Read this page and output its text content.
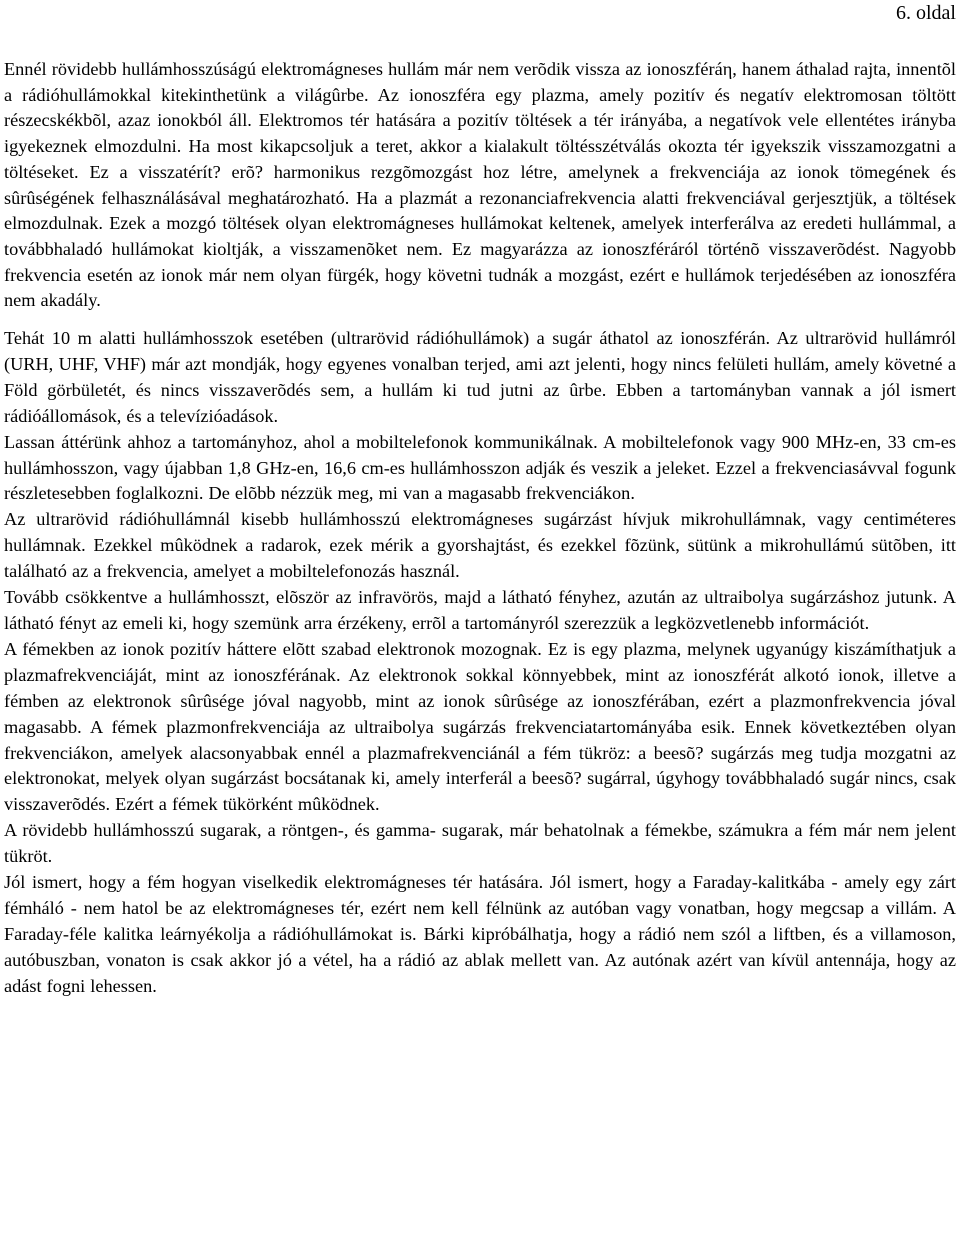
6. oldal

Ennél rövidebb hullámhosszúságú elektromágneses hullám már nem verõdik vissza az ionoszféráη, hanem áthalad rajta, innentõl a rádióhullámokkal kitekinthetünk a világûrbe. Az ionoszféra egy plazma, amely pozitív és negatív elektromosan töltött részecskékbõl, azaz ionokból áll. Elektromos tér hatására a pozitív töltések a tér irányába, a negatívok vele ellentétes irányba igyekeznek elmozdulni. Ha most kikapcsoljuk a teret, akkor a kialakult töltésszétválás okozta tér igyekszik visszamozgatni a töltéseket. Ez a visszatérít? erõ? harmonikus rezgõmozgást hoz létre, amelynek a frekvenciája az ionok tömegének és sûrûségének felhasználásával meghatározható. Ha a plazmát a rezonanciafrekvencia alatti frekvenciával gerjesztjük, a töltések elmozdulnak. Ezek a mozgó töltések olyan elektromágneses hullámokat keltenek, amelyek interferálva az eredeti hullámmal, a továbbhaladó hullámokat kioltják, a visszamenõket nem. Ez magyarázza az ionoszféráról történõ visszaverõdést. Nagyobb frekvencia esetén az ionok már nem olyan fürgék, hogy követni tudnák a mozgást, ezért e hullámok terjedésében az ionoszféra nem akadály.

Tehát 10 m alatti hullámhosszok esetében (ultrarövid rádióhullámok) a sugár áthatol az ionoszférán. Az ultrarövid hullámról (URH, UHF, VHF) már azt mondják, hogy egyenes vonalban terjed, ami azt jelenti, hogy nincs felületi hullám, amely követné a Föld görbületét, és nincs visszaverõdés sem, a hullám ki tud jutni az ûrbe. Ebben a tartományban vannak a jól ismert rádióállomások, és a televízióadások.

Lassan áttérünk ahhoz a tartományhoz, ahol a mobiltelefonok kommunikálnak. A mobiltelefonok vagy 900 MHz-en, 33 cm-es hullámhosszon, vagy újabban 1,8 GHz-en, 16,6 cm-es hullámhosszon adják és veszik a jeleket. Ezzel a frekvenciasávval fogunk részletesebben foglalkozni. De elõbb nézzük meg, mi van a magasabb frekvenciákon.

Az ultrarövid rádióhullámnál kisebb hullámhosszú elektromágneses sugárzást hívjuk mikrohullámnak, vagy centiméteres hullámnak. Ezekkel mûködnek a radarok, ezek mérik a gyorshajtást, és ezekkel fõzünk, sütünk a mikrohullámú sütõben, itt található az a frekvencia, amelyet a mobiltelefonozás használ.

Tovább csökkentve a hullámhosszt, elõször az infravörös, majd a látható fényhez, azután az ultraibolya sugárzáshoz jutunk. A látható fényt az emeli ki, hogy szemünk arra érzékeny, errõl a tartományról szerezzük a legközvetlenebb információt.

A fémekben az ionok pozitív háttere elõtt szabad elektronok mozognak. Ez is egy plazma, melynek ugyanúgy kiszámíthatjuk a plazmafrekvenciáját, mint az ionoszférának. Az elektronok sokkal könnyebbek, mint az ionoszférát alkotó ionok, illetve a fémben az elektronok sûrûsége jóval nagyobb, mint az ionok sûrûsége az ionoszférában, ezért a plazmonfrekvencia jóval magasabb. A fémek plazmonfrekvenciája az ultraibolya sugárzás frekvenciatartományába esik. Ennek következtében olyan frekvenciákon, amelyek alacsonyabbak ennél a plazmafrekvenciánál a fém tükröz: a beesõ? sugárzás meg tudja mozgatni az elektronokat, melyek olyan sugárzást bocsátanak ki, amely interferál a beesõ? sugárral, úgyhogy továbbhaladó sugár nincs, csak visszaverõdés. Ezért a fémek tükörként mûködnek.

A rövidebb hullámhosszú sugarak, a röntgen-, és gamma- sugarak, már behatolnak a fémekbe, számukra a fém már nem jelent tükröt.

Jól ismert, hogy a fém hogyan viselkedik elektromágneses tér hatására. Jól ismert, hogy a Faraday-kalitkába - amely egy zárt fémháló - nem hatol be az elektromágneses tér, ezért nem kell félnünk az autóban vagy vonatban, hogy megcsap a villám. A Faraday-féle kalitka leárnyékolja a rádióhullámokat is. Bárki kipróbálhatja, hogy a rádió nem szól a liftben, és a villamoson, autóbuszban, vonaton is csak akkor jó a vétel, ha a rádió az ablak mellett van. Az autónak azért van kívül antennája, hogy az adást fogni lehessen.
